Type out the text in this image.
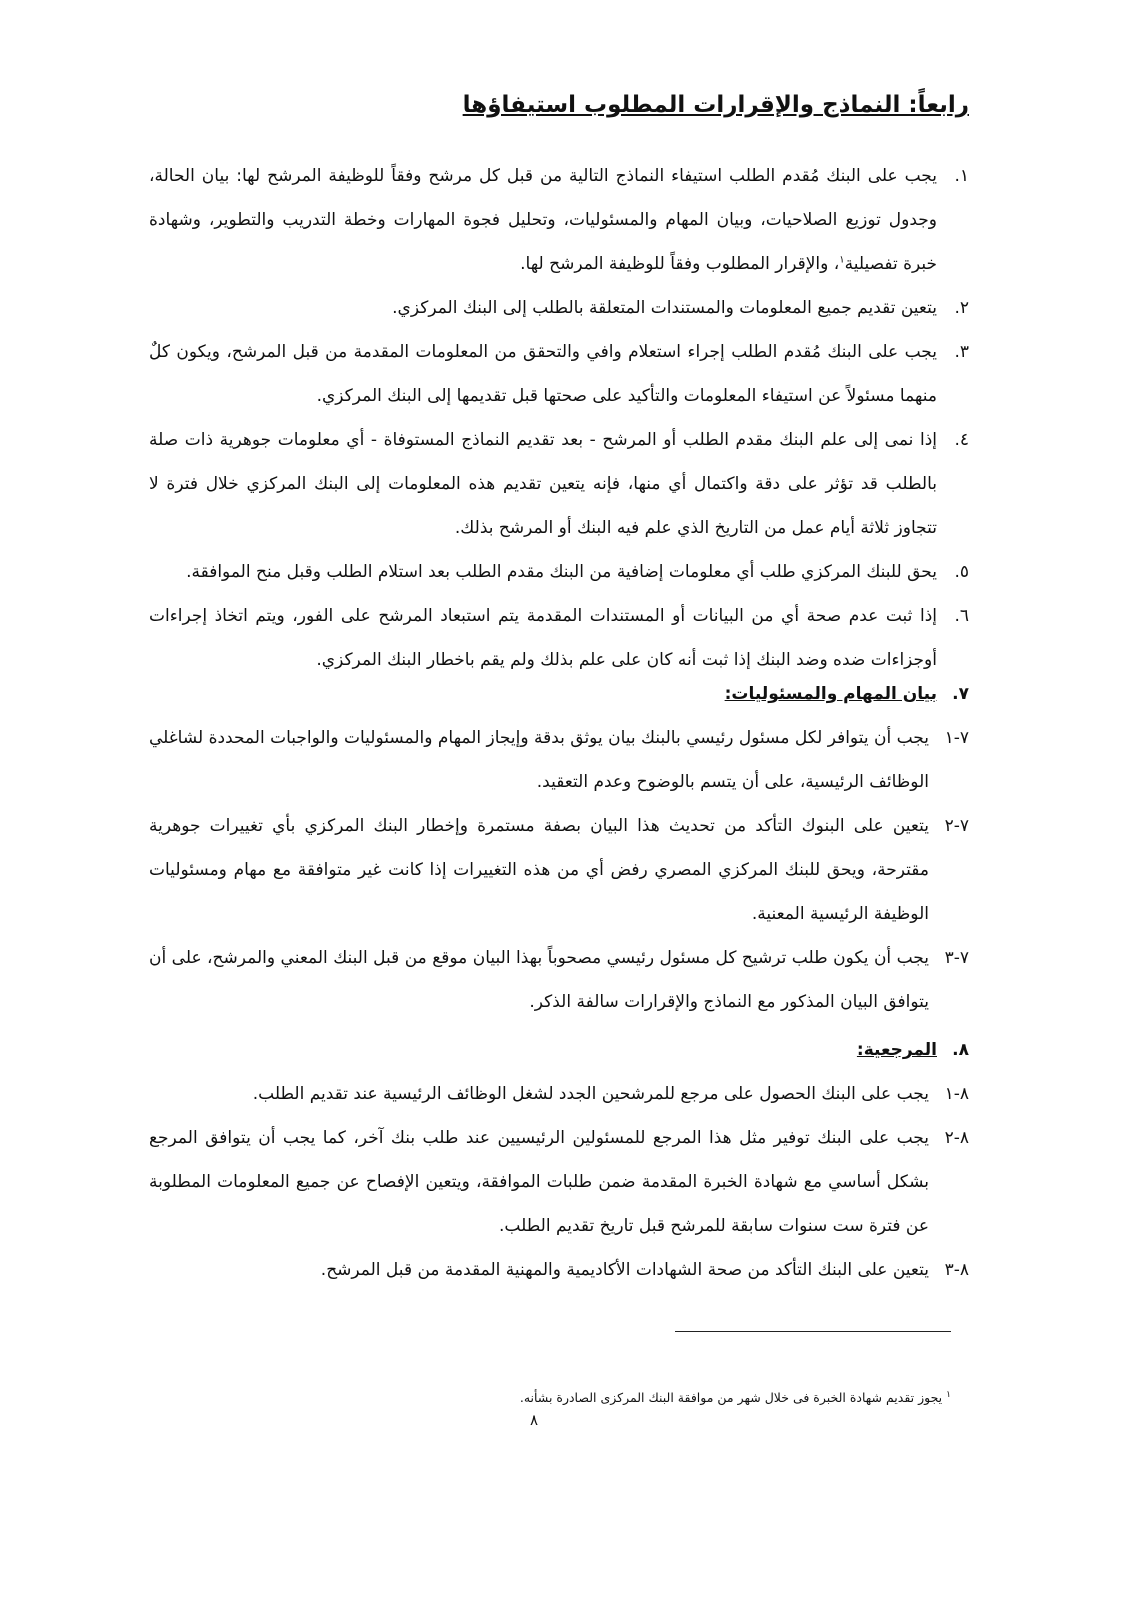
رابعاً: النماذج والإقرارات المطلوب استيفاؤها
١.
يجب على البنك مُقدم الطلب استيفاء النماذج التالية من قبل كل مرشح وفقاً للوظيفة المرشح لها: بيان الحالة، وجدول توزيع الصلاحيات، وبيان المهام والمسئوليات، وتحليل فجوة المهارات وخطة التدريب والتطوير، وشهادة خبرة تفصيلية$^١$، والإقرار المطلوب وفقاً للوظيفة المرشح لها.
٢.
يتعين تقديم جميع المعلومات والمستندات المتعلقة بالطلب إلى البنك المركزي.
٣.
يجب على البنك مُقدم الطلب إجراء استعلام وافي والتحقق من المعلومات المقدمة من قبل المرشح، ويكون كلٌ منهما مسئولاً عن استيفاء المعلومات والتأكيد على صحتها قبل تقديمها إلى البنك المركزي.
٤.
إذا نمى إلى علم البنك مقدم الطلب أو المرشح - بعد تقديم النماذج المستوفاة - أي معلومات جوهرية ذات صلة بالطلب قد تؤثر على دقة واكتمال أي منها، فإنه يتعين تقديم هذه المعلومات إلى البنك المركزي خلال فترة لا تتجاوز ثلاثة أيام عمل من التاريخ الذي علم فيه البنك أو المرشح بذلك.
٥.
يحق للبنك المركزي طلب أي معلومات إضافية من البنك مقدم الطلب بعد استلام الطلب وقبل منح الموافقة.
٦.
إذا ثبت عدم صحة أي من البيانات أو المستندات المقدمة يتم استبعاد المرشح على الفور، ويتم اتخاذ إجراءات أوجزاءات ضده وضد البنك إذا ثبت أنه كان على علم بذلك ولم يقم باخطار البنك المركزي.
٧.
بيان المهام والمسئوليات:
٧-١
يجب أن يتوافر لكل مسئول رئيسي بالبنك بيان يوثق بدقة وإيجاز المهام والمسئوليات والواجبات المحددة لشاغلي الوظائف الرئيسية، على أن يتسم بالوضوح وعدم التعقيد.
٧-٢
يتعين على البنوك التأكد من تحديث هذا البيان بصفة مستمرة وإخطار البنك المركزي بأي تغييرات جوهرية مقترحة، ويحق للبنك المركزي المصري رفض أي من هذه التغييرات إذا كانت غير متوافقة مع مهام ومسئوليات الوظيفة الرئيسية المعنية.
٧-٣
يجب أن يكون طلب ترشيح كل مسئول رئيسي مصحوباً بهذا البيان موقع من قبل البنك المعني والمرشح، على أن يتوافق البيان المذكور مع النماذج والإقرارات سالفة الذكر.
٨.
المرجعية:
٨-١
يجب على البنك الحصول على مرجع للمرشحين الجدد لشغل الوظائف الرئيسية عند تقديم الطلب.
٨-٢
يجب على البنك توفير مثل هذا المرجع للمسئولين الرئيسيين عند طلب بنك آخر، كما يجب أن يتوافق المرجع بشكل أساسي مع شهادة الخبرة المقدمة ضمن طلبات الموافقة، ويتعين الإفصاح عن جميع المعلومات المطلوبة عن فترة ست سنوات سابقة للمرشح قبل تاريخ تقديم الطلب.
٨-٣
يتعين على البنك التأكد من صحة الشهادات الأكاديمية والمهنية المقدمة من قبل المرشح.
$^١$ يجوز تقديم شهادة الخبرة فى خلال شهر من موافقة البنك المركزى الصادرة بشأنه.
٨
